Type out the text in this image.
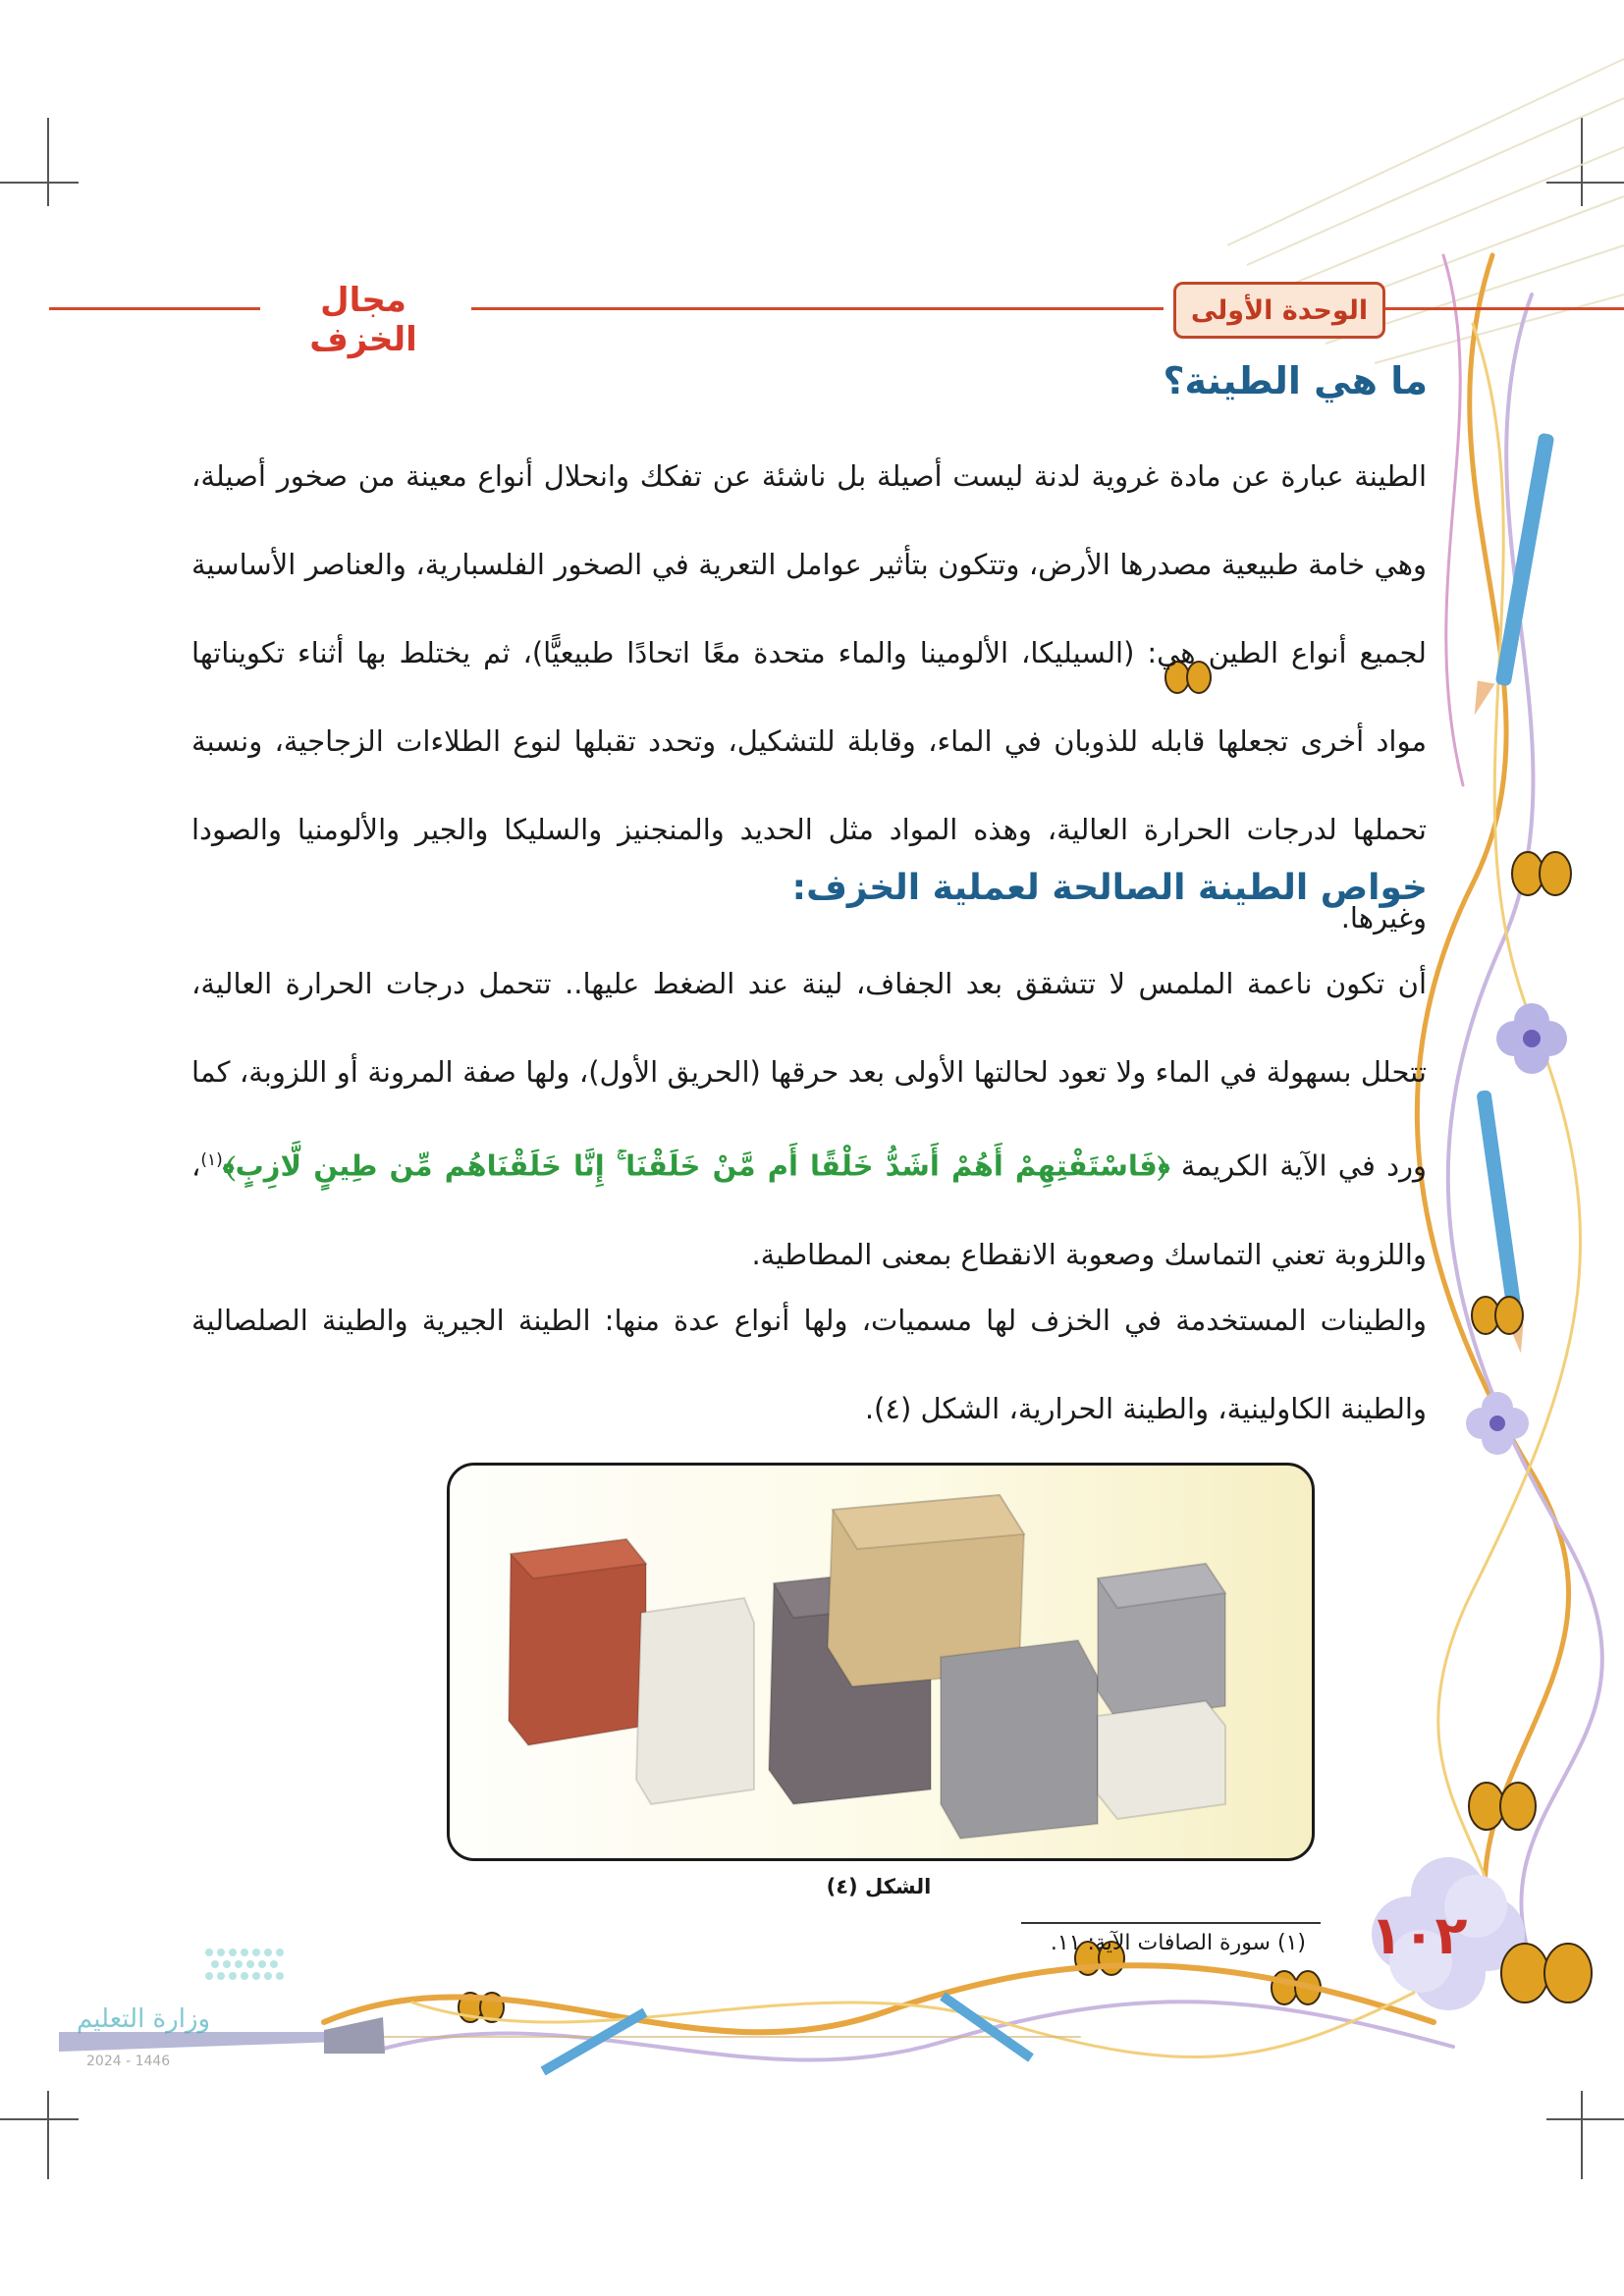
مجال الخزف
الوحدة الأولى
ما هي الطينة؟
الطينة عبارة عن مادة غروية لدنة ليست أصيلة بل ناشئة عن تفكك وانحلال أنواع معينة من صخور أصيلة، وهي خامة طبيعية مصدرها الأرض، وتتكون بتأثير عوامل التعرية في الصخور الفلسبارية، والعناصر الأساسية لجميع أنواع الطين هي: (السيليكا، الألومينا والماء متحدة معًا اتحادًا طبيعيًّا)، ثم يختلط بها أثناء تكويناتها مواد أخرى تجعلها قابله للذوبان في الماء، وقابلة للتشكيل، وتحدد تقبلها لنوع الطلاءات الزجاجية، ونسبة تحملها لدرجات الحرارة العالية، وهذه المواد مثل الحديد والمنجنيز والسليكا والجير والألومنيا والصودا وغيرها.
خواص الطينة الصالحة لعملية الخزف:
أن تكون ناعمة الملمس لا تتشقق بعد الجفاف، لينة عند الضغط عليها.. تتحمل درجات الحرارة العالية، تتحلل بسهولة في الماء ولا تعود لحالتها الأولى بعد حرقها (الحريق الأول)، ولها صفة المرونة أو اللزوبة، كما ورد في الآية الكريمة ﴿فَاسْتَفْتِهِمْ أَهُمْ أَشَدُّ خَلْقًا أَم مَّنْ خَلَقْنَا ۚ إِنَّا خَلَقْنَاهُم مِّن طِينٍ لَّازِبٍ﴾$^{(١)}$، واللزوبة تعني التماسك وصعوبة الانقطاع بمعنى المطاطية.
والطينات المستخدمة في الخزف لها مسميات، ولها أنواع عدة منها: الطينة الجيرية والطينة الصلصالية والطينة الكاولينية، والطينة الحرارية، الشكل (٤).
الشكل (٤)
١٠٢
(١) سورة الصافات الآية: ١١.
وزارة التعليم
2024 - 1446
